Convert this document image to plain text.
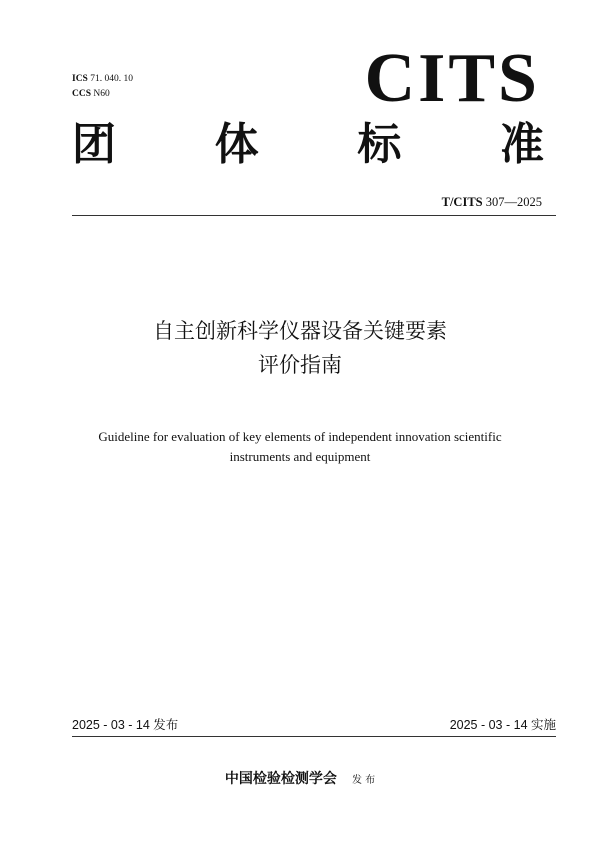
ICS 71. 040. 10
CCS N60	CITS
团 体 标 准
T/CITS 307—2025
自主创新科学仪器设备关键要素
评价指南
Guideline for evaluation of key elements of independent innovation scientific
instruments and equipment
2025 - 03 - 14 发布	2025 - 03 - 14 实施
中国检验检测学会 发 布
